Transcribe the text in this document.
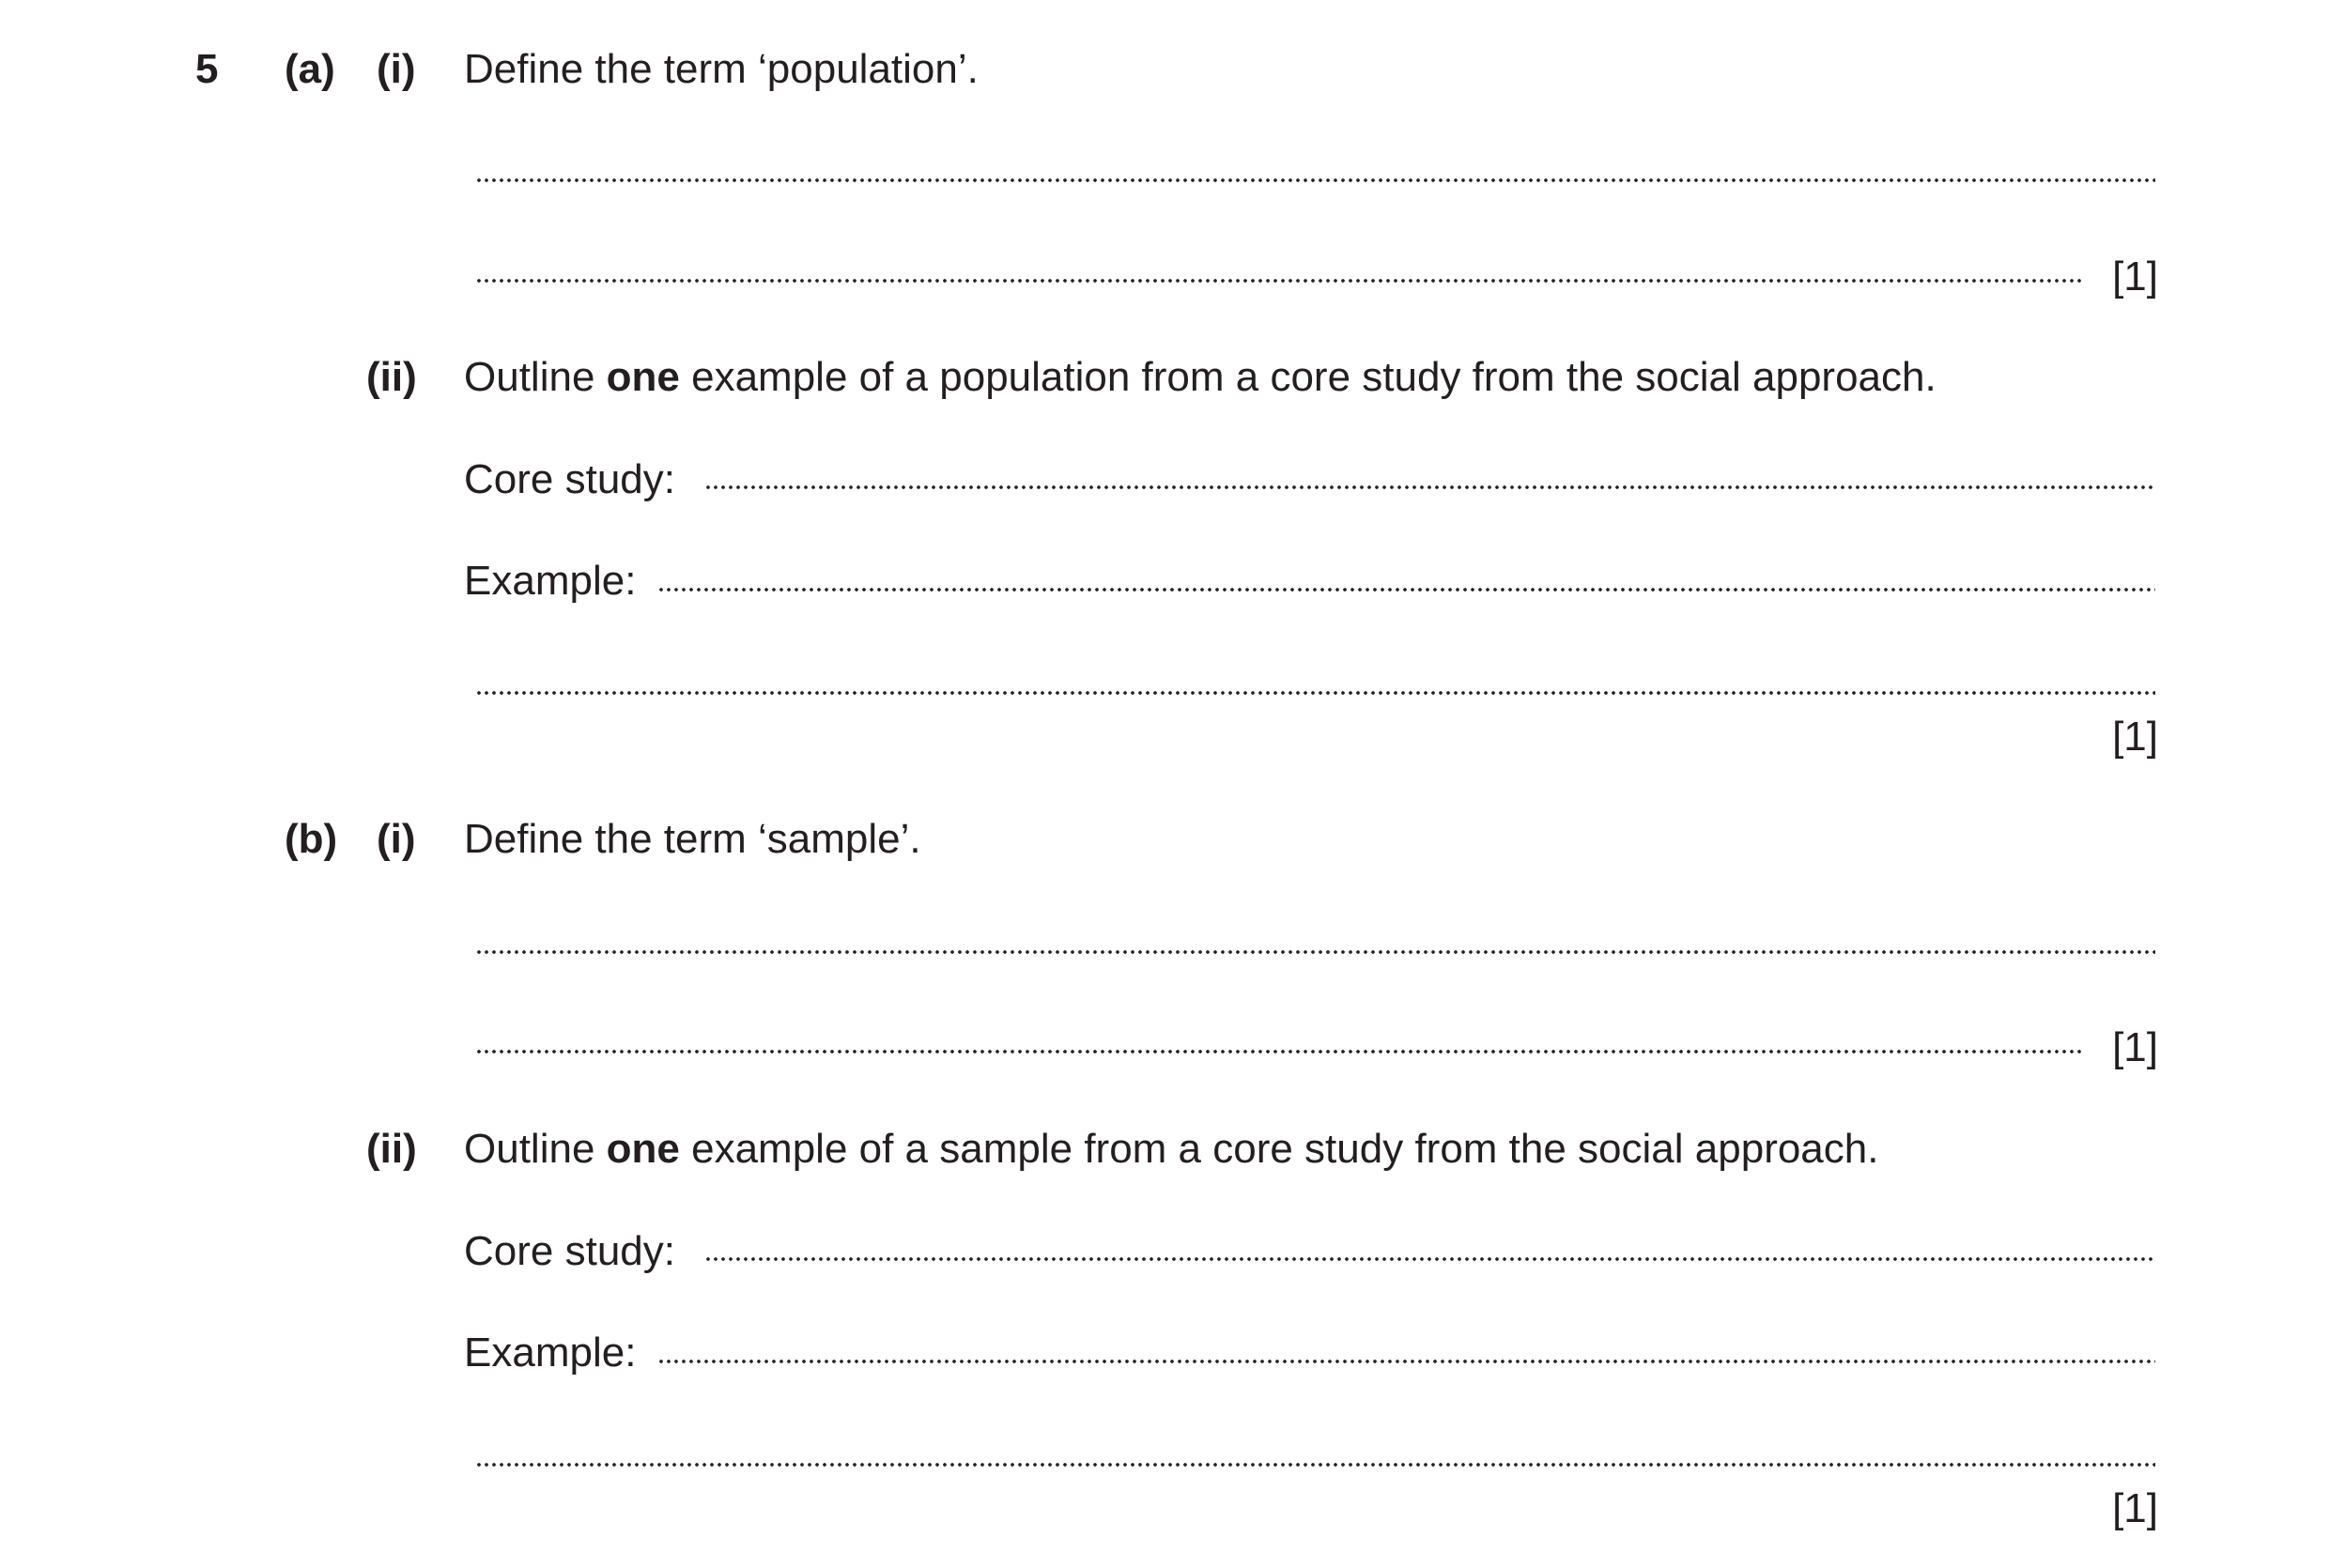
5 (a) (i) Define the term ‘population’.
[1]
(ii) Outline one example of a population from a core study from the social approach.
Core study:
Example:
[1]
(b) (i) Define the term ‘sample’.
[1]
(ii) Outline one example of a sample from a core study from the social approach.
Core study:
Example:
[1]
